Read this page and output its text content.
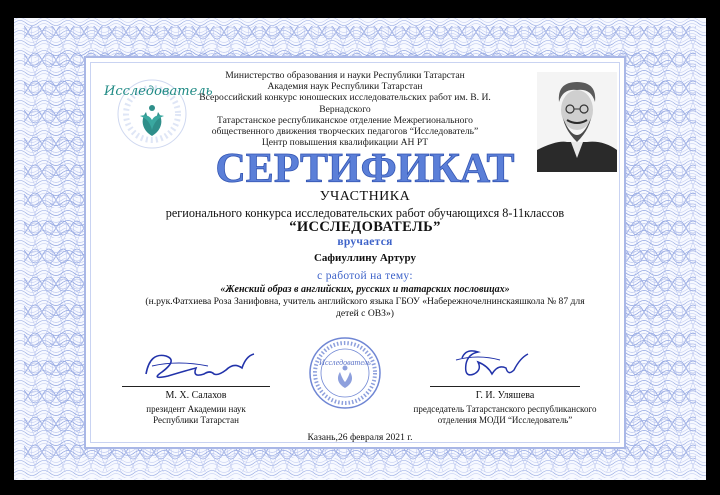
Исследователь
Министерство образования и науки Республики Татарстан
Академия наук Республики Татарстан
Всероссийский конкурс юношеских исследовательских работ им. В. И. Вернадского
Татарстанское республиканское отделение Межрегионального
общественного движения творческих педагогов “Исследователь”
Центр повышения квалификации АН РТ
СЕРТИФИКАТ
УЧАСТНИКА
регионального конкурса исследовательских работ обучающихся 8-11классов
“ИССЛЕДОВАТЕЛЬ”
вручается
Сафиуллину Артуру
с работой на тему:
«Женский образ в английских, русских и татарских пословицах»
(н.рук.Фатхиева Роза Занифовна, учитель английского языка ГБОУ «Набережночелнинскаяшкола № 87 для
детей с ОВЗ»)
М. Х. Салахов
президент Академии наук
Республики Татарстан
Исследователь
Г. И. Уляшева
председатель Татарстанского республиканского
отделения МОДИ “Исследователь”
Казань,26 февраля 2021 г.
